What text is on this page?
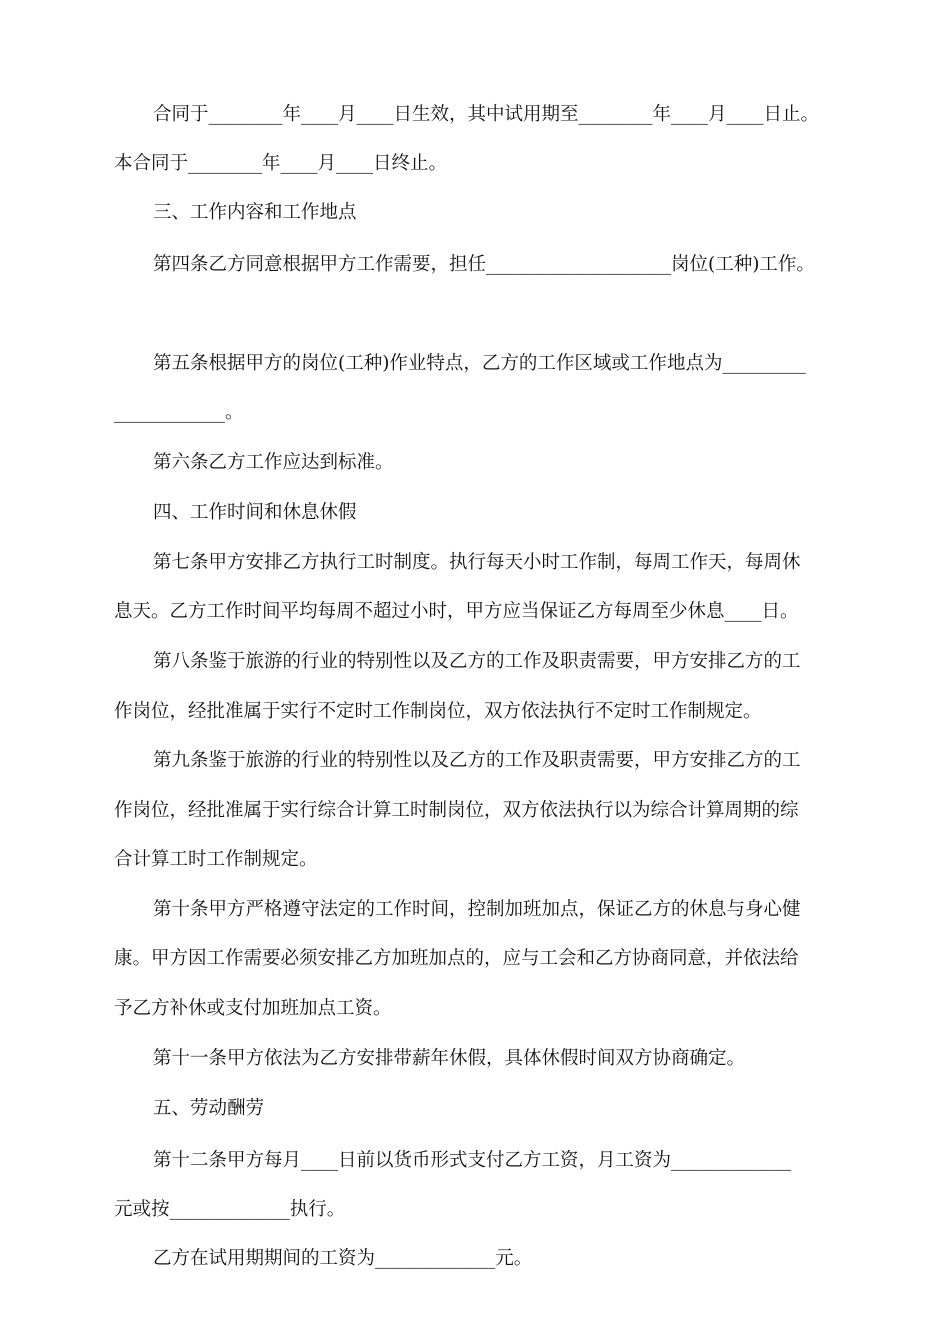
合同于________年____月____日生效，其中试用期至________年____月____日止。
本合同于________年____月____日终止。
三、工作内容和工作地点
第四条乙方同意根据甲方工作需要，担任____________________岗位(工种)工作。
第五条根据甲方的岗位(工种)作业特点，乙方的工作区域或工作地点为_________
____________。
第六条乙方工作应达到标准。
四、工作时间和休息休假
第七条甲方安排乙方执行工时制度。执行每天小时工作制，每周工作天，每周休
息天。乙方工作时间平均每周不超过小时，甲方应当保证乙方每周至少休息____日。
第八条鉴于旅游的行业的特别性以及乙方的工作及职责需要，甲方安排乙方的工
作岗位，经批准属于实行不定时工作制岗位，双方依法执行不定时工作制规定。
第九条鉴于旅游的行业的特别性以及乙方的工作及职责需要，甲方安排乙方的工
作岗位，经批准属于实行综合计算工时制岗位，双方依法执行以为综合计算周期的综
合计算工时工作制规定。
第十条甲方严格遵守法定的工作时间，控制加班加点，保证乙方的休息与身心健
康。甲方因工作需要必须安排乙方加班加点的，应与工会和乙方协商同意，并依法给
予乙方补休或支付加班加点工资。
第十一条甲方依法为乙方安排带薪年休假，具体休假时间双方协商确定。
五、劳动酬劳
第十二条甲方每月____日前以货币形式支付乙方工资，月工资为_____________
元或按_____________执行。
乙方在试用期期间的工资为_____________元。
